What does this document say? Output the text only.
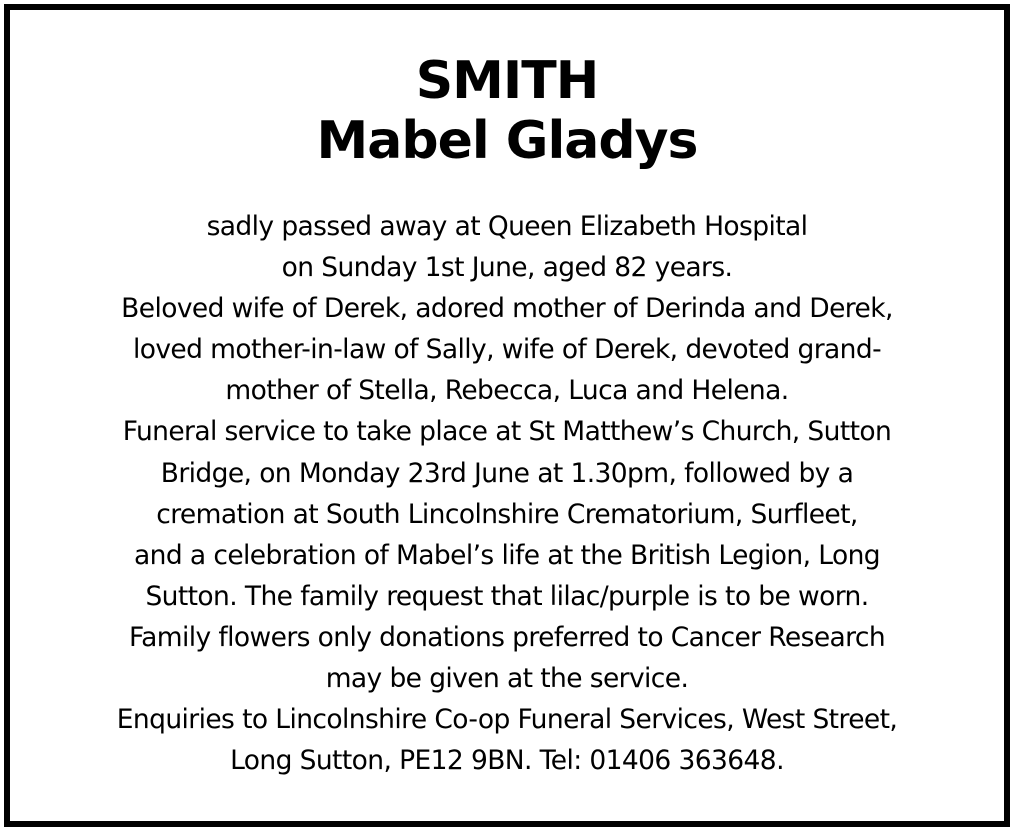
SMITH
Mabel Gladys
sadly passed away at Queen Elizabeth Hospital
on Sunday 1st June, aged 82 years.
Beloved wife of Derek, adored mother of Derinda and Derek,
loved mother-in-law of Sally, wife of Derek, devoted grand-
mother of Stella, Rebecca, Luca and Helena.
Funeral service to take place at St Matthew’s Church, Sutton
Bridge, on Monday 23rd June at 1.30pm, followed by a
cremation at South Lincolnshire Crematorium, Surfleet,
and a celebration of Mabel’s life at the British Legion, Long
Sutton. The family request that lilac/purple is to be worn.
Family flowers only donations preferred to Cancer Research
may be given at the service.
Enquiries to Lincolnshire Co-op Funeral Services, West Street,
Long Sutton, PE12 9BN. Tel: 01406 363648.
